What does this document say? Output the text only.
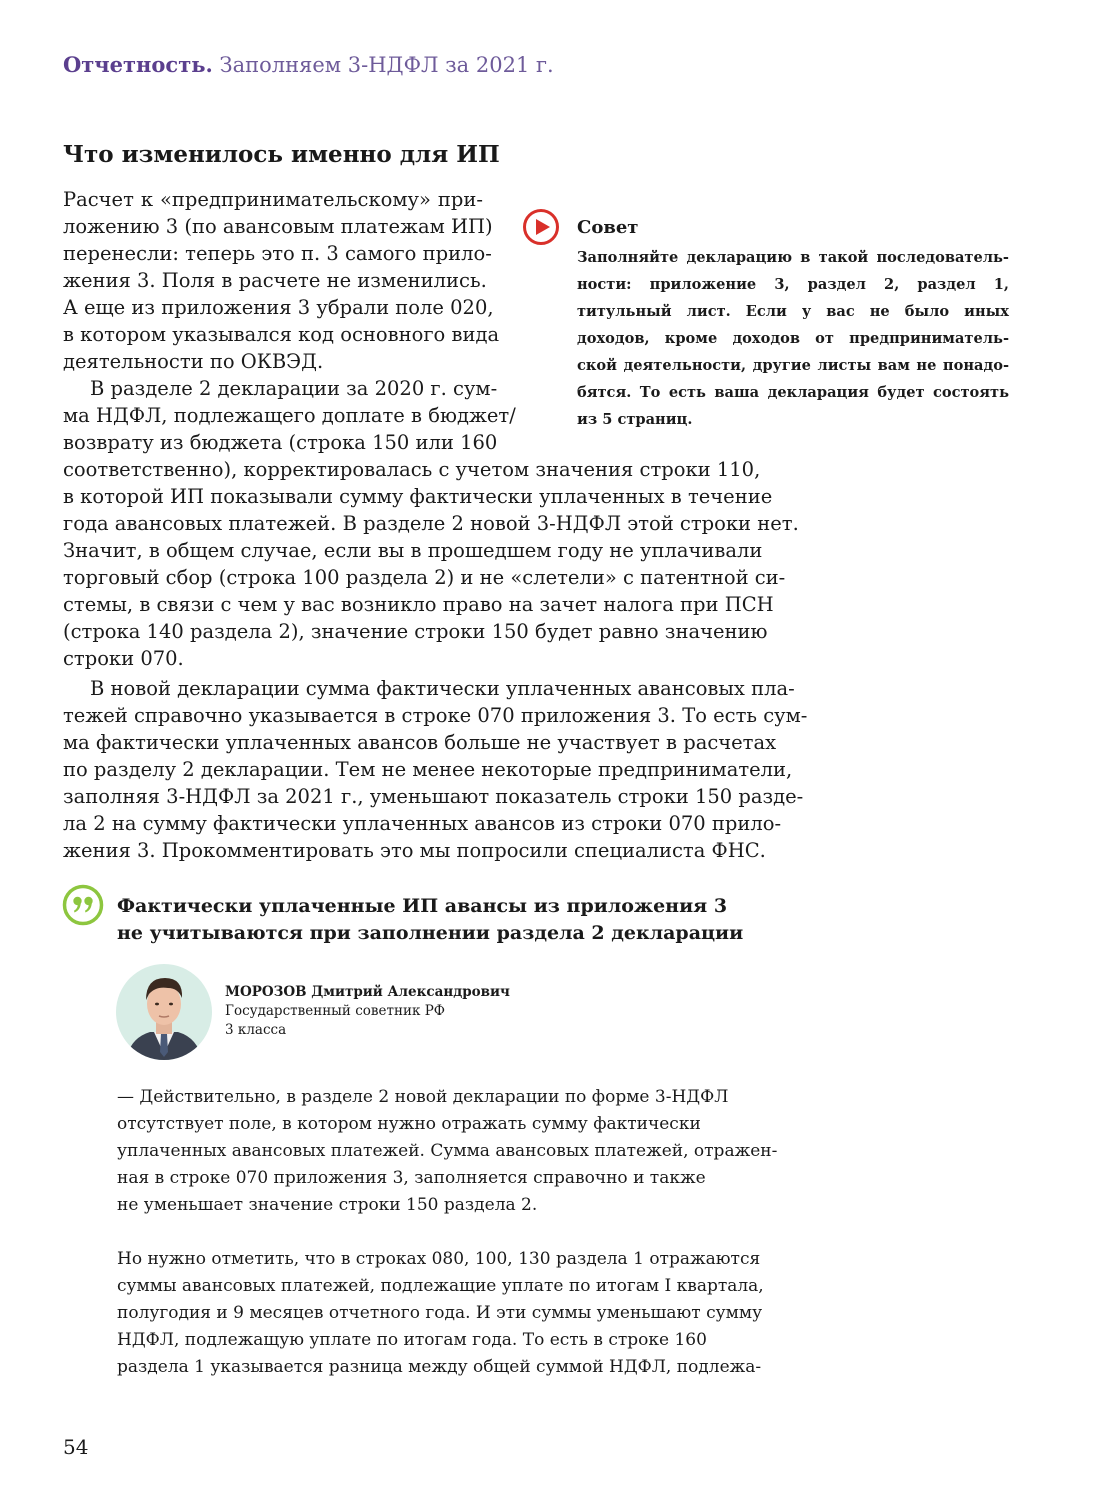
Отчетность. Заполняем 3-НДФЛ за 2021 г.
Что изменилось именно для ИП
Расчет к «предпринимательскому» при-
ложению 3 (по авансовым платежам ИП)
перенесли: теперь это п. 3 самого прило-
жения 3. Поля в расчете не изменились.
А еще из приложения 3 убрали поле 020,
в котором указывался код основного вида
деятельности по ОКВЭД.
В разделе 2 декларации за 2020 г. сум-
ма НДФЛ, подлежащего доплате в бюджет/
возврату из бюджета (строка 150 или 160
соответственно), корректировалась с учетом значения строки 110,
в которой ИП показывали сумму фактически уплаченных в течение
года авансовых платежей. В разделе 2 новой 3-НДФЛ этой строки нет.
Значит, в общем случае, если вы в прошедшем году не уплачивали
торговый сбор (строка 100 раздела 2) и не «слетели» с патентной си-
стемы, в связи с чем у вас возникло право на зачет налога при ПСН
(строка 140 раздела 2), значение строки 150 будет равно значению
строки 070.
В новой декларации сумма фактически уплаченных авансовых пла-
тежей справочно указывается в строке 070 приложения 3. То есть сум-
ма фактически уплаченных авансов больше не участвует в расчетах
по разделу 2 декларации. Тем не менее некоторые предприниматели,
заполняя 3-НДФЛ за 2021 г., уменьшают показатель строки 150 разде-
ла 2 на сумму фактически уплаченных авансов из строки 070 прило-
жения 3. Прокомментировать это мы попросили специалиста ФНС.
Совет
Заполняйте декларацию в такой последователь-
ности: приложение 3, раздел 2, раздел 1,
титульный лист. Если у вас не было иных
доходов, кроме доходов от предприниматель-
ской деятельности, другие листы вам не понадо-
бятся. То есть ваша декларация будет состоять
из 5 страниц.
Фактически уплаченные ИП авансы из приложения 3
не учитываются при заполнении раздела 2 декларации
МОРОЗОВ Дмитрий Александрович
Государственный советник РФ
3 класса
— Действительно, в разделе 2 новой декларации по форме 3-НДФЛ
отсутствует поле, в котором нужно отражать сумму фактически
уплаченных авансовых платежей. Сумма авансовых платежей, отражен-
ная в строке 070 приложения 3, заполняется справочно и также
не уменьшает значение строки 150 раздела 2.
Но нужно отметить, что в строках 080, 100, 130 раздела 1 отражаются
суммы авансовых платежей, подлежащие уплате по итогам I квартала,
полугодия и 9 месяцев отчетного года. И эти суммы уменьшают сумму
НДФЛ, подлежащую уплате по итогам года. То есть в строке 160
раздела 1 указывается разница между общей суммой НДФЛ, подлежа-
54
